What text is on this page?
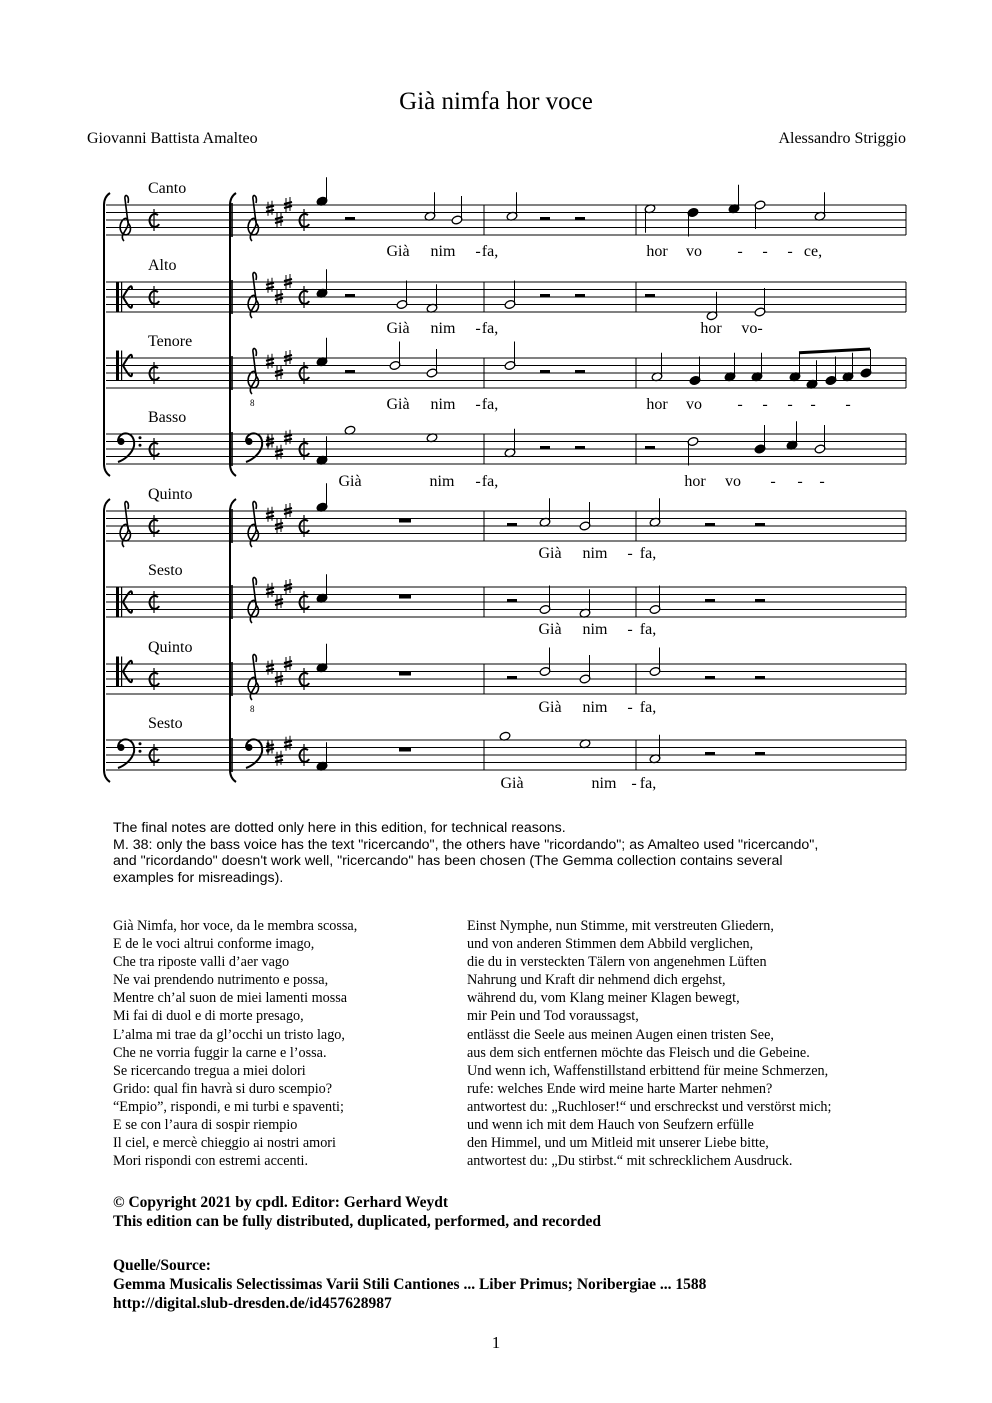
Già nimfa hor voce
Giovanni Battista Amalteo	Alessandro Striggio
Canto
Già nim - fa,	hor vo - - - ce,
Alto
Già nim - fa,	hor vo-
Tenore
8	Già nim - fa,	hor vo - - - - -
Basso
Già	nim - fa,	hor vo - - -
Quinto
Già nim - fa,
Sesto
Già nim - fa,
Quinto
8	Già nim - fa,
Sesto
Già	nim - fa,

The final notes are dotted only here in this edition, for technical reasons.

M. 38: only the bass voice has the text "ricercando", the others have "ricordando"; as Amalteo used "ricercando",

and "ricordando" doesn't work well, "ricercando" has been chosen (The Gemma collection contains several

examples for misreadings).

Già Nimfa, hor voce, da le membra scossa,
E de le voci altrui conforme imago,
Che tra riposte valli d’aer vago
Ne vai prendendo nutrimento e possa,
Mentre ch’al suon de miei lamenti mossa
Mi fai di duol e di morte presago,
L’alma mi trae da gl’occhi un tristo lago,
Che ne vorria fuggir la carne e l’ossa.
Se ricercando tregua a miei dolori
Grido: qual fin havrà si duro scempio?
“Empio”, rispondi, e mi turbi e spaventi;
E se con l’aura di sospir riempio
Il ciel, e mercè chieggio ai nostri amori
Mori rispondi con estremi accenti.
Einst Nymphe, nun Stimme, mit verstreuten Gliedern,
und von anderen Stimmen dem Abbild verglichen,
die du in versteckten Tälern von angenehmen Lüften
Nahrung und Kraft dir nehmend dich ergehst,
während du, vom Klang meiner Klagen bewegt,
mir Pein und Tod voraussagst,
entlässt die Seele aus meinen Augen einen tristen See,
aus dem sich entfernen möchte das Fleisch und die Gebeine.
Und wenn ich, Waffenstillstand erbittend für meine Schmerzen,
rufe: welches Ende wird meine harte Marter nehmen?
antwortest du: „Ruchloser!“ und erschreckst und verstörst mich;
und wenn ich mit dem Hauch von Seufzern erfülle
den Himmel, und um Mitleid mit unserer Liebe bitte,
antwortest du: „Du stirbst.“ mit schrecklichem Ausdruck.
© Copyright 2021 by cpdl. Editor: Gerhard Weydt
This edition can be fully distributed, duplicated, performed, and recorded
Quelle/Source:
Gemma Musicalis Selectissimas Varii Stili Cantiones ... Liber Primus; Noribergiae ... 1588
http://digital.slub-dresden.de/id457628987
1
